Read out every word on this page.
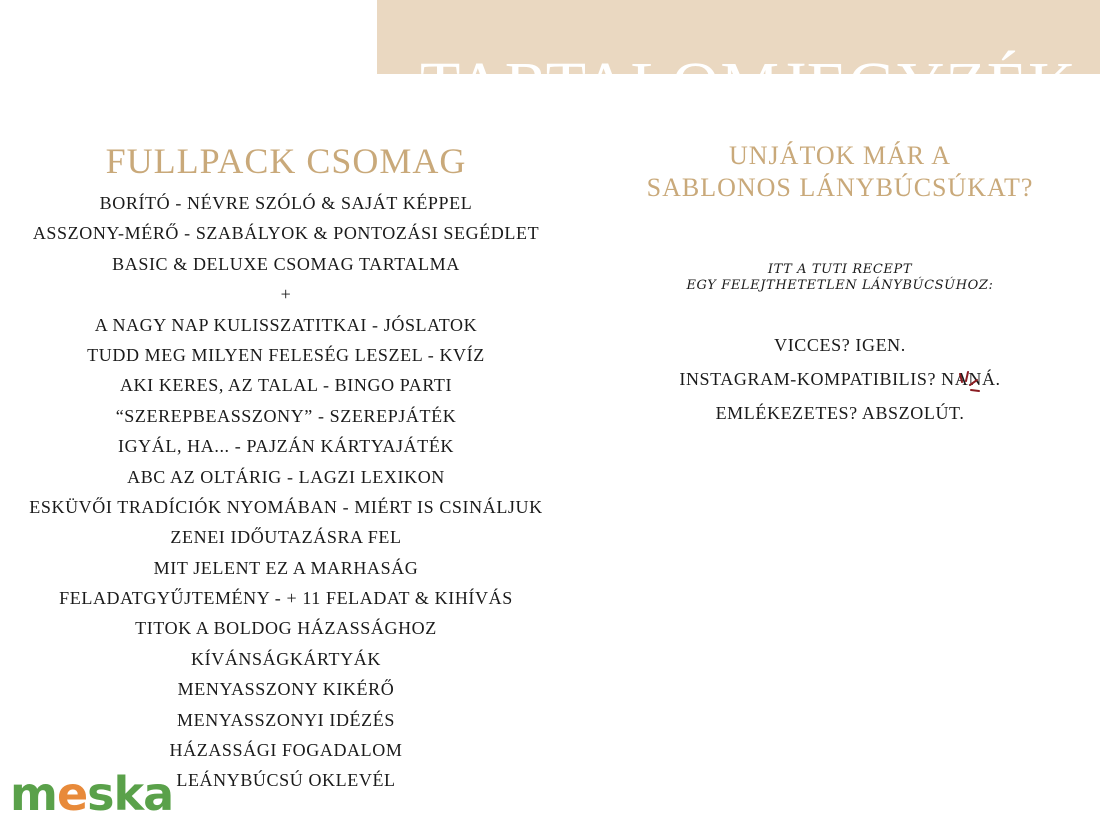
TARTALOMJEGYZÉK
FULLPACK CSOMAG
BORÍTÓ - NÉVRE SZÓLÓ & SAJÁT KÉPPEL
ASSZONY-MÉRŐ - SZABÁLYOK & PONTOZÁSI SEGÉDLET
BASIC & DELUXE CSOMAG TARTALMA
+
A NAGY NAP KULISSZATITKAI - JÓSLATOK
TUDD MEG MILYEN FELESÉG LESZEL - KVÍZ
AKI KERES, AZ TALAL - BINGO PARTI
“SZEREPBEASSZONY” - SZEREPJÁTÉK
IGYÁL, HA... - PAJZÁN KÁRTYAJÁTÉK
ABC AZ OLTÁRIG - LAGZI LEXIKON
ESKÜVŐI TRADÍCIÓK NYOMÁBAN - MIÉRT IS CSINÁLJUK
ZENEI IDŐUTAZÁSRA FEL
MIT JELENT EZ A MARHASÁG
FELADATGYŰJTEMÉNY - + 11 FELADAT & KIHÍVÁS
TITOK A BOLDOG HÁZASSÁGHOZ
KÍVÁNSÁGKÁRTYÁK
MENYASSZONY KIKÉRŐ
MENYASSZONYI IDÉZÉS
HÁZASSÁGI FOGADALOM
LEÁNYBÚCSÚ OKLEVÉL
UNJÁTOK MÁR A
SABLONOS LÁNYBÚCSÚKAT?
ITT A TUTI RECEPT
EGY FELEJTHETETLEN LÁNYBÚCSÚHOZ:
VICCES? IGEN.
INSTAGRAM-KOMPATIBILIS? NANÁ.
EMLÉKEZETES? ABSZOLÚT.
meska
